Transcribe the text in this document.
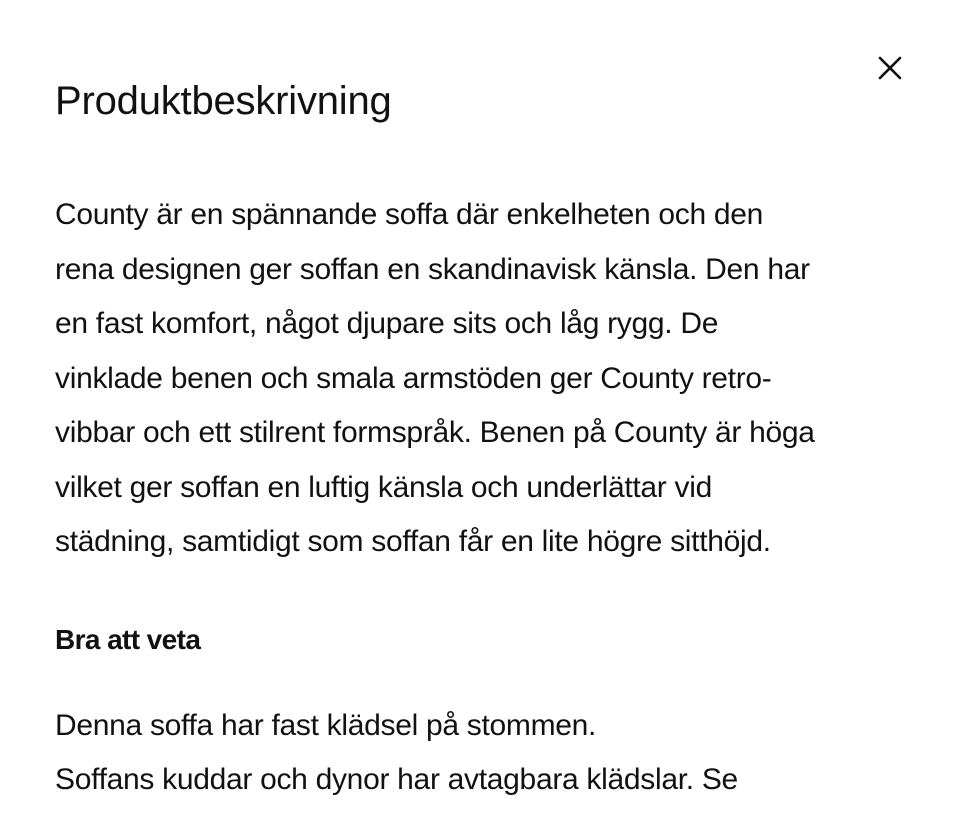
Produktbeskrivning

County är en spännande soffa där enkelheten och den
rena designen ger soffan en skandinavisk känsla. Den har
en fast komfort, något djupare sits och låg rygg. De
vinklade benen och smala armstöden ger County retro-
vibbar och ett stilrent formspråk. Benen på County är höga
vilket ger soffan en luftig känsla och underlättar vid
städning, samtidigt som soffan får en lite högre sitthöjd.

Bra att veta

Denna soffa har fast klädsel på stommen.
Soffans kuddar och dynor har avtagbara klädslar. Se
